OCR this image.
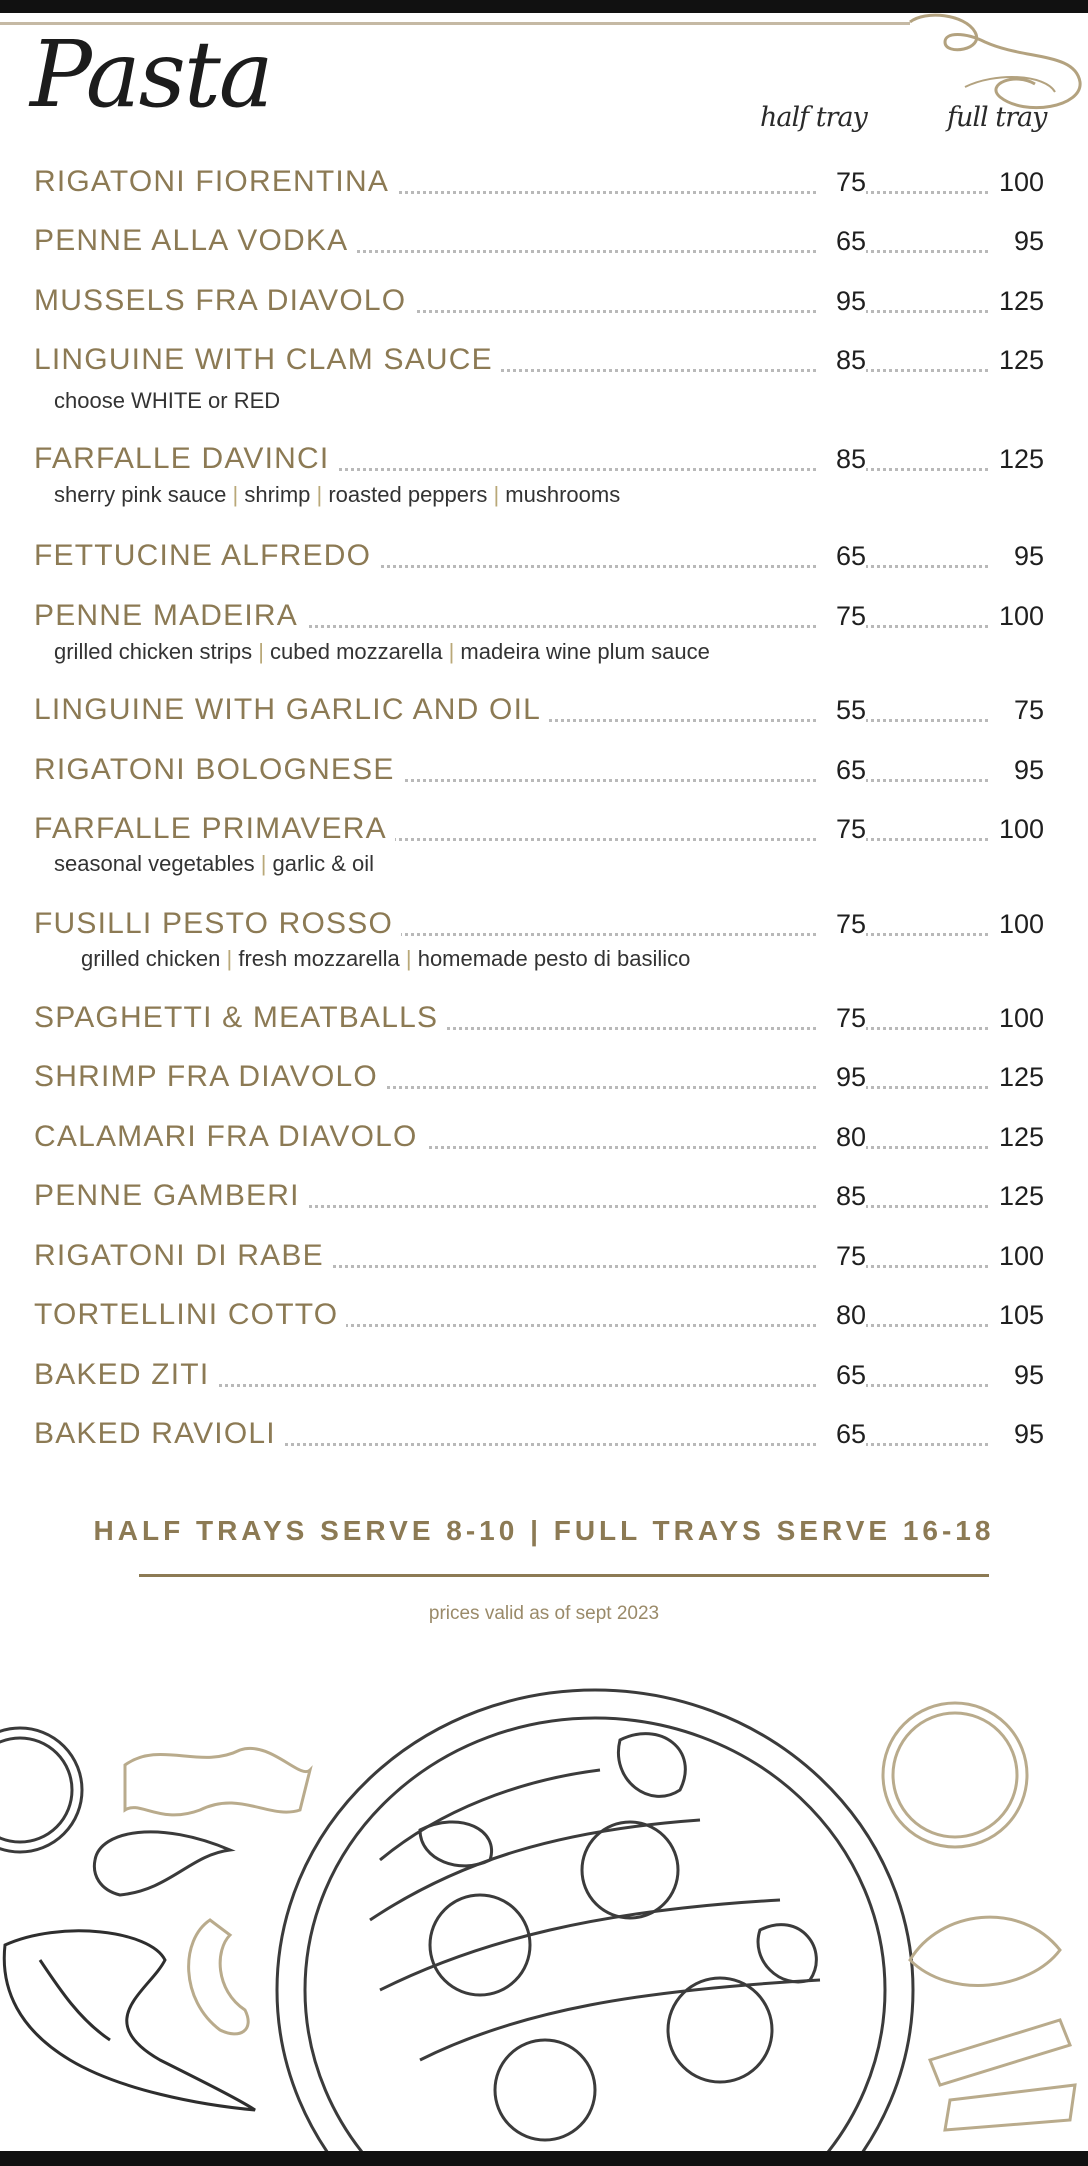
Pasta	half tray	full tray
RIGATONI FIORENTINA	75	100
PENNE ALLA VODKA	65	95
MUSSELS FRA DIAVOLO	95	125
LINGUINE WITH CLAM SAUCE	85	125
choose WHITE or RED
FARFALLE DAVINCI	85	125
sherry pink sauce | shrimp | roasted peppers | mushrooms
FETTUCINE ALFREDO	65	95
PENNE MADEIRA	75	100
grilled chicken strips | cubed mozzarella | madeira wine plum sauce
LINGUINE WITH GARLIC AND OIL	55	75
RIGATONI BOLOGNESE	65	95
FARFALLE PRIMAVERA	75	100
seasonal vegetables | garlic & oil
FUSILLI PESTO ROSSO	75	100
grilled chicken | fresh mozzarella | homemade pesto di basilico
SPAGHETTI & MEATBALLS	75	100
SHRIMP FRA DIAVOLO	95	125
CALAMARI FRA DIAVOLO	80	125
PENNE GAMBERI	85	125
RIGATONI DI RABE	75	100
TORTELLINI COTTO	80	105
BAKED ZITI	65	95
BAKED RAVIOLI	65	95
HALF TRAYS SERVE 8-10 | FULL TRAYS SERVE 16-18
prices valid as of sept 2023
